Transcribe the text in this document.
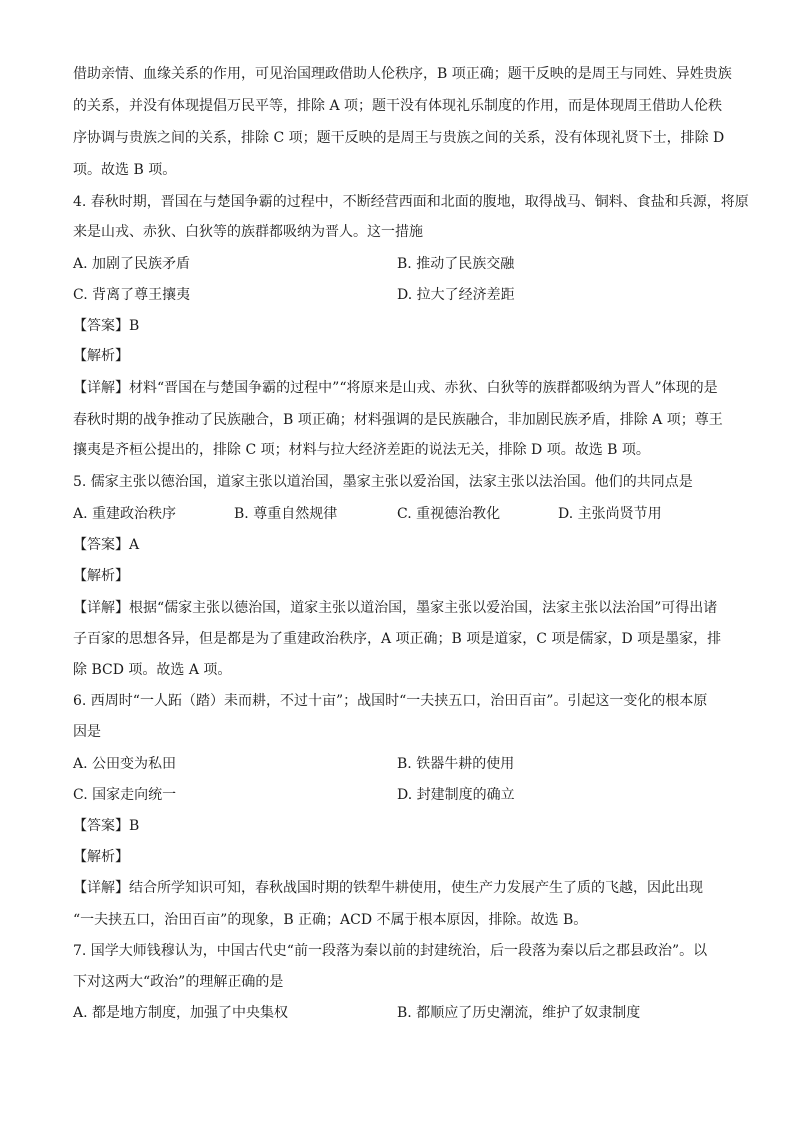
借助亲情、血缘关系的作用，可见治国理政借助人伦秩序，B 项正确；题干反映的是周王与同姓、异姓贵族
的关系，并没有体现提倡万民平等，排除 A 项；题干没有体现礼乐制度的作用，而是体现周王借助人伦秩
序协调与贵族之间的关系，排除 C 项；题干反映的是周王与贵族之间的关系，没有体现礼贤下士，排除 D
项。故选 B 项。
4. 春秋时期，晋国在与楚国争霸的过程中，不断经营西面和北面的腹地，取得战马、铜料、食盐和兵源，将原
来是山戎、赤狄、白狄等的族群都吸纳为晋人。这一措施
A. 加剧了民族矛盾	B. 推动了民族交融
C. 背离了尊王攘夷	D. 拉大了经济差距
【答案】B
【解析】
【详解】材料“晋国在与楚国争霸的过程中”“将原来是山戎、赤狄、白狄等的族群都吸纳为晋人”体现的是
春秋时期的战争推动了民族融合，B 项正确；材料强调的是民族融合，非加剧民族矛盾，排除 A 项；尊王
攘夷是齐桓公提出的，排除 C 项；材料与拉大经济差距的说法无关，排除 D 项。故选 B 项。
5. 儒家主张以德治国，道家主张以道治国，墨家主张以爱治国，法家主张以法治国。他们的共同点是
A. 重建政治秩序	B. 尊重自然规律	C. 重视德治教化	D. 主张尚贤节用
【答案】A
【解析】
【详解】根据“儒家主张以德治国，道家主张以道治国，墨家主张以爱治国，法家主张以法治国”可得出诸
子百家的思想各异，但是都是为了重建政治秩序，A 项正确；B 项是道家，C 项是儒家，D 项是墨家，排
除 BCD 项。故选 A 项。
6. 西周时“一人跖（踏）耒而耕，不过十亩”；战国时“一夫挟五口，治田百亩”。引起这一变化的根本原
因是
A. 公田变为私田	B. 铁器牛耕的使用
C. 国家走向统一	D. 封建制度的确立
【答案】B
【解析】
【详解】结合所学知识可知，春秋战国时期的铁犁牛耕使用，使生产力发展产生了质的飞越，因此出现
“一夫挟五口，治田百亩”的现象，B 正确；ACD 不属于根本原因，排除。故选 B。
7. 国学大师钱穆认为，中国古代史“前一段落为秦以前的封建统治，后一段落为秦以后之郡县政治”。以
下对这两大“政治”的理解正确的是
A. 都是地方制度，加强了中央集权	B. 都顺应了历史潮流，维护了奴隶制度
